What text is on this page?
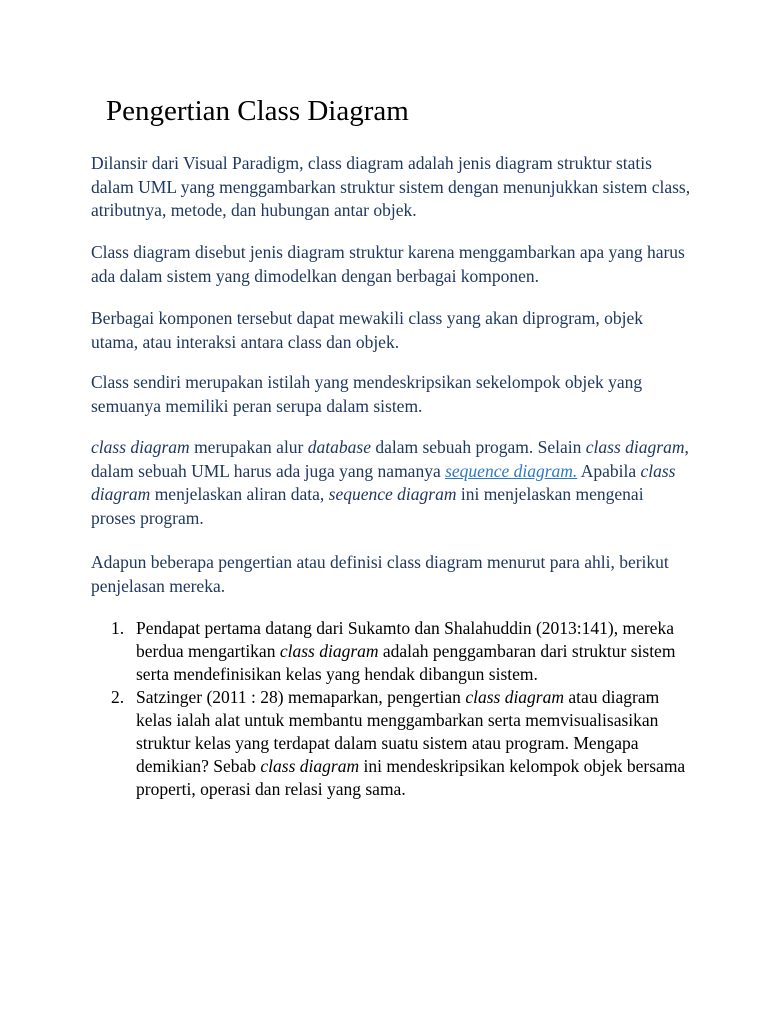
Pengertian Class Diagram

Dilansir dari Visual Paradigm, class diagram adalah jenis diagram struktur statis dalam UML yang menggambarkan struktur sistem dengan menunjukkan sistem class, atributnya, metode, dan hubungan antar objek.

Class diagram disebut jenis diagram struktur karena menggambarkan apa yang harus ada dalam sistem yang dimodelkan dengan berbagai komponen.

Berbagai komponen tersebut dapat mewakili class yang akan diprogram, objek utama, atau interaksi antara class dan objek.

Class sendiri merupakan istilah yang mendeskripsikan sekelompok objek yang semuanya memiliki peran serupa dalam sistem.

class diagram merupakan alur database dalam sebuah progam. Selain class diagram, dalam sebuah UML harus ada juga yang namanya sequence diagram. Apabila class diagram menjelaskan aliran data, sequence diagram ini menjelaskan mengenai proses program.

Adapun beberapa pengertian atau definisi class diagram menurut para ahli, berikut penjelasan mereka.

1. Pendapat pertama datang dari Sukamto dan Shalahuddin (2013:141), mereka berdua mengartikan class diagram adalah penggambaran dari struktur sistem serta mendefinisikan kelas yang hendak dibangun sistem.
2. Satzinger (2011 : 28) memaparkan, pengertian class diagram atau diagram kelas ialah alat untuk membantu menggambarkan serta memvisualisasikan struktur kelas yang terdapat dalam suatu sistem atau program. Mengapa demikian? Sebab class diagram ini mendeskripsikan kelompok objek bersama properti, operasi dan relasi yang sama.
